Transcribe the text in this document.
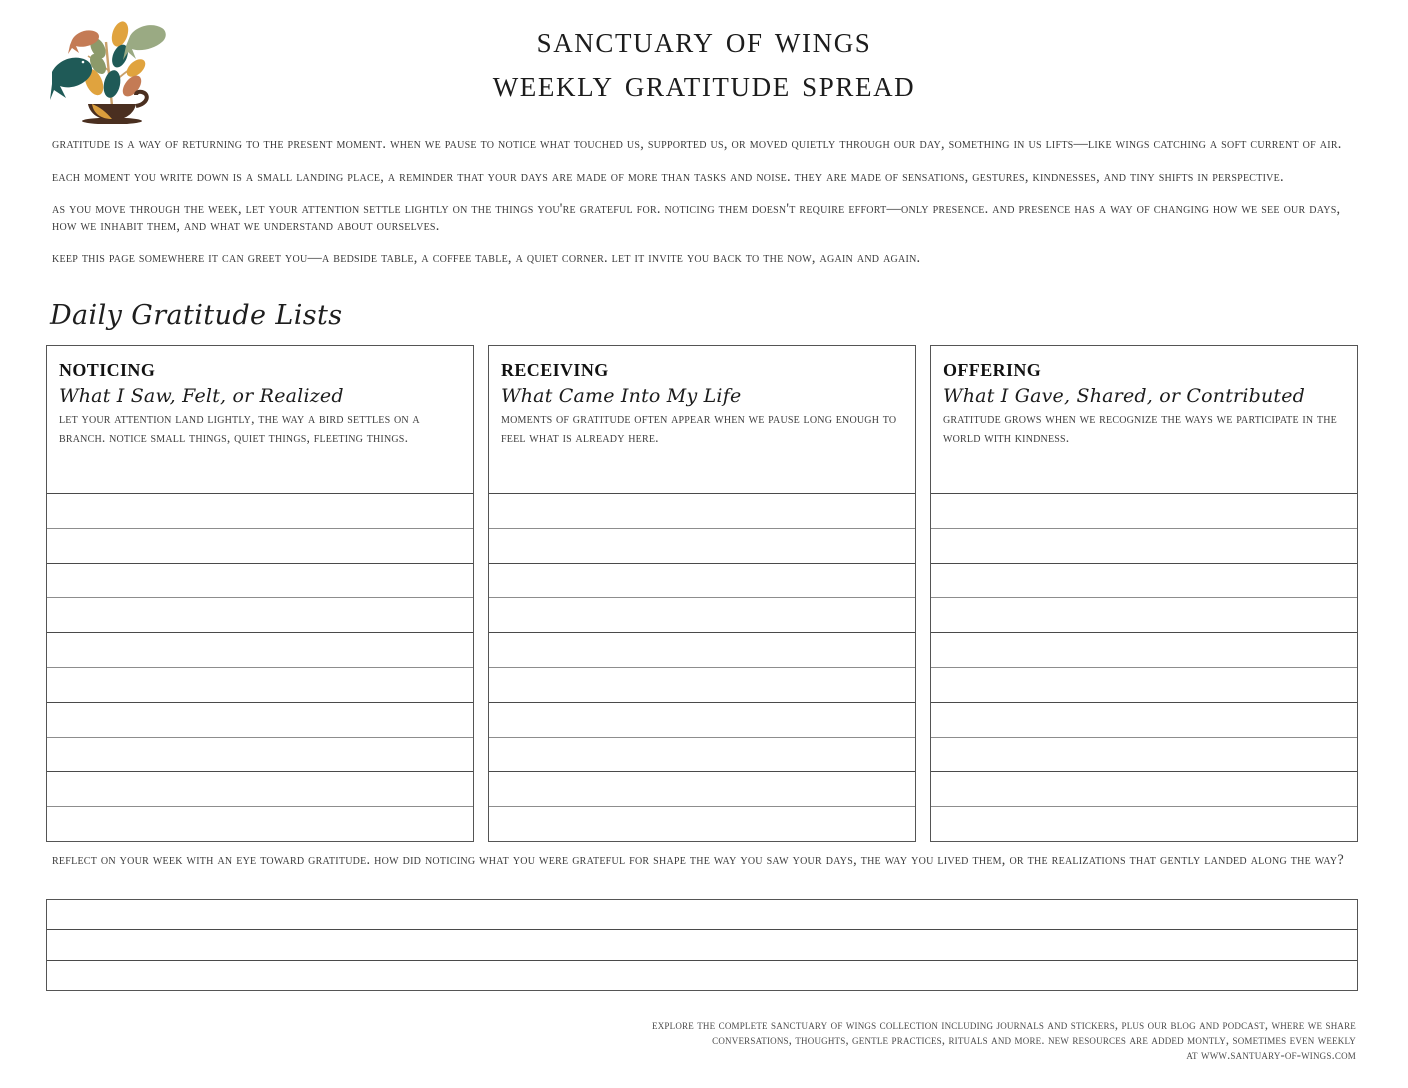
sanctuary of wings
weekly gratitude spread

gratitude is a way of returning to the present moment. when we pause to notice what touched us, supported us, or moved quietly through our day, something in us lifts—like wings catching a soft current of air.

each moment you write down is a small landing place, a reminder that your days are made of more than tasks and noise. they are made of sensations, gestures, kindnesses, and tiny shifts in perspective.

as you move through the week, let your attention settle lightly on the things you're grateful for. noticing them doesn't require effort—only presence. and presence has a way of changing how we see our days, how we inhabit them, and what we understand about ourselves.

keep this page somewhere it can greet you—a bedside table, a coffee table, a quiet corner. let it invite you back to the now, again and again.

Daily Gratitude Lists
noticing
What I Saw, Felt, or Realized
let your attention land lightly, the way a bird settles on a branch. notice small things, quiet things, fleeting things.
receiving
What Came Into My Life
moments of gratitude often appear when we pause long enough to feel what is already here.
offering
What I Gave, Shared, or Contributed
gratitude grows when we recognize the ways we participate in the world with kindness.
reflect on your week with an eye toward gratitude. how did noticing what you were grateful for shape the way you saw your days, the way you lived them, or the realizations that gently landed along the way?
explore the complete sanctuary of wings collection including journals and stickers, plus our blog and podcast, where we share
conversations, thoughts, gentle practices, rituals and more. new resources are added montly, sometimes even weekly
at www.santuary-of-wings.com
